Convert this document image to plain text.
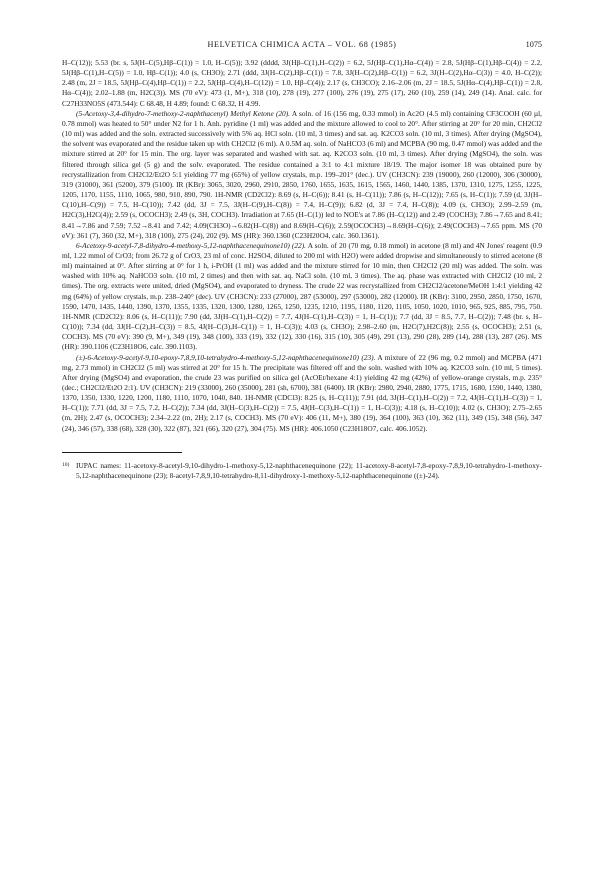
HELVETICA CHIMICA ACTA – VOL. 68 (1985)	1075

H–C(12)); 5.53 (br. s, 5J(H–C(5),Hβ–C(1)) = 1.0, H–C(5)); 3.92 (dddd, 3J(Hβ–C(1),H–C(2)) = 6.2, 5J(Hβ–C(1),Hα–C(4)) = 2.8, 5J(Hβ–C(1),Hβ–C(4)) = 2.2, 5J(Hβ–C(1),H–C(5)) = 1.0, Hβ–C(1)); 4.0 (s, CH3O); 2.71 (ddd, 3J(H–C(2),Hβ–C(1)) = 7.8, 3J(H–C(2),Hβ–C(1)) = 6.2, 3J(H–C(2),Hα–C(3)) = 4.0, H–C(2)); 2.48 (m, 2J = 18.5, 5J(Hβ–C(4),Hβ–C(1)) = 2.2, 5J(Hβ–C(4),H–C(12)) = 1.0, Hβ–C(4)); 2.17 (s, CH3CO); 2.16–2.06 (m, 2J = 18.5, 5J(Hα–C(4),Hβ–C(1)) = 2.8, Hα–C(4)); 2.02–1.88 (m, H2C(3)). MS (70 eV): 473 (1, M+), 318 (10), 278 (19), 277 (100), 276 (19), 275 (17), 260 (10), 259 (14), 249 (14). Anal. calc. for C27H33NO5S (473.544): C 68.48, H 4.89; found: C 68.32, H 4.99.

(5-Acetoxy-3,4-dihydro-7-methoxy-2-naphthacenyl) Methyl Ketone (20). A soln. of 16 (156 mg, 0.33 mmol) in Ac2O (4.5 ml) containing CF3COOH (60 µl, 0.78 mmol) was heated to 50° under N2 for 1 h. Anh. pyridine (1 ml) was added and the mixture allowed to cool to 20°. After stirring at 20° for 20 min, CH2Cl2 (10 ml) was added and the soln. extracted successively with 5% aq. HCl soln. (10 ml, 3 times) and sat. aq. K2CO3 soln. (10 ml, 3 times). After drying (MgSO4), the solvent was evaporated and the residue taken up with CH2Cl2 (6 ml). A 0.5M aq. soln. of NaHCO3 (6 ml) and MCPBA (90 mg, 0.47 mmol) was added and the mixture stirred at 20° for 15 min. The org. layer was separated and washed with sat. aq. K2CO3 soln. (10 ml, 3 times). After drying (MgSO4), the soln. was filtered through silica gel (5 g) and the solv. evaporated. The residue contained a 3:1 to 4:1 mixture 18/19. The major isomer 18 was obtained pure by recrystallization from CH2Cl2/Et2O 5:1 yielding 77 mg (65%) of yellow crystals, m.p. 199–201° (dec.). UV (CH3CN): 239 (19000), 260 (12000), 306 (30000), 319 (31000), 361 (5200), 379 (5100). IR (KBr): 3065, 3020, 2960, 2910, 2850, 1760, 1655, 1635, 1615, 1565, 1460, 1440, 1385, 1370, 1310, 1275, 1255, 1225, 1205, 1170, 1155, 1110, 1065, 980, 910, 890, 790. 1H-NMR (CD2Cl2): 8.69 (s, H–C(6)); 8.41 (s, H–C(11)); 7.86 (s, H–C(12)); 7.65 (s, H–C(1)); 7.59 (d, 3J(H–C(10),H–C(9)) = 7.5, H–C(10)); 7.42 (dd, 3J = 7.5, 3J(H–C(9),H–C(8)) = 7.4, H–C(9)); 6.82 (d, 3J = 7.4, H–C(8)); 4.09 (s, CH3O); 2.99–2.59 (m, H2C(3),H2C(4)); 2.59 (s, OCOCH3); 2.49 (s, 3H, COCH3). Irradiation at 7.65 (H–C(1)) led to NOE's at 7.86 (H–C(12)) and 2.49 (COCH3); 7.86→7.65 and 8.41; 8.41→7.86 and 7.59; 7.52→8.41 and 7.42; 4.09(CH3O)→6.82(H–C(8)) and 8.69(H–C(6)); 2.59(OCOCH3)→8.69(H–C(6)); 2.49(COCH3)→7.65 ppm. MS (70 eV): 361 (7), 360 (32, M+), 318 (100), 275 (24), 202 (9). MS (HR): 360.1360 (C23H20O4, calc. 360.1361).

6-Acetoxy-9-acetyl-7,8-dihydro-4-methoxy-5,12-naphthacenequinone10) (22). A soln. of 20 (70 mg, 0.18 mmol) in acetone (8 ml) and 4N Jones' reagent (0.9 ml, 1.22 mmol of CrO3; from 26.72 g of CrO3, 23 ml of conc. H2SO4, diluted to 200 ml with H2O) were added dropwise and simultaneously to stirred acetone (8 ml) maintained at 0°. After stirring at 0° for 1 h, i-PrOH (1 ml) was added and the mixture stirred for 10 min, then CH2Cl2 (20 ml) was added. The soln. was washed with 10% aq. NaHCO3 soln. (10 ml, 2 times) and then with sat. aq. NaCl soln. (10 ml, 3 times). The aq. phase was extracted with CH2Cl2 (10 ml, 2 times). The org. extracts were united, dried (MgSO4), and evaporated to dryness. The crude 22 was recrystallized from CH2Cl2/acetone/MeOH 1:4:1 yielding 42 mg (64%) of yellow crystals, m.p. 238–240° (dec). UV (CH3CN): 233 (27000), 287 (53000), 297 (53000), 282 (12000). IR (KBr): 3100, 2950, 2850, 1750, 1670, 1590, 1470, 1435, 1440, 1390, 1370, 1355, 1335, 1320, 1300, 1280, 1265, 1250, 1235, 1210, 1195, 1180, 1120, 1105, 1050, 1020, 1010, 965, 925, 885, 795, 750. 1H-NMR (CD2Cl2): 8.06 (s, H–C(11)); 7.90 (dd, 3J(H–C(1),H–C(2)) = 7.7, 4J(H–C(1),H–C(3)) = 1, H–C(1)); 7.7 (dd, 3J = 8.5, 7.7, H–C(2)); 7.48 (br. s, H–C(10)); 7.34 (dd, 3J(H–C(2),H–C(3)) = 8.5, 4J(H–C(3),H–C(1)) = 1, H–C(3)); 4.03 (s, CH3O); 2.98–2.60 (m, H2C(7),H2C(8)); 2.55 (s, OCOCH3); 2.51 (s, COCH3). MS (70 eV): 390 (9, M+), 349 (19), 348 (100), 333 (19), 332 (12), 330 (16), 315 (10), 305 (49), 291 (13), 290 (28), 289 (14), 288 (13), 287 (26). MS (HR): 390.1106 (C23H18O6, calc. 390.1103).

(±)-6-Acetoxy-9-acetyl-9,10-epoxy-7,8,9,10-tetrahydro-4-methoxy-5,12-naphthacenequinone10) (23). A mixture of 22 (96 mg, 0.2 mmol) and MCPBA (471 mg, 2.73 mmol) in CH2Cl2 (5 ml) was stirred at 20° for 15 h. The precipitate was filtered off and the soln. washed with 10% aq. K2CO3 soln. (10 ml, 5 times). After drying (MgSO4) and evaporation, the crude 23 was purified on silica gel (AcOEt/hexane 4:1) yielding 42 mg (42%) of yellow-orange crystals, m.p. 235° (dec.; CH2Cl2/Et2O 2:1). UV (CH3CN): 219 (33000), 260 (35000), 281 (sh, 6700), 381 (6400). IR (KBr): 2980, 2940, 2880, 1775, 1715, 1680, 1590, 1440, 1380, 1370, 1350, 1330, 1220, 1200, 1180, 1110, 1070, 1040, 840. 1H-NMR (CDCl3): 8.25 (s, H–C(11)); 7.91 (dd, 3J(H–C(1),H–C(2)) = 7.2, 4J(H–C(1),H–C(3)) = 1, H–C(1)); 7.71 (dd, 3J = 7.5, 7.2, H–C(2)); 7.34 (dd, 3J(H–C(3),H–C(2)) = 7.5, 4J(H–C(3),H–C(1)) = 1, H–C(3)); 4.18 (s, H–C(10)); 4.02 (s, CH3O); 2.75–2.65 (m, 2H); 2.47 (s, OCOCH3); 2.34–2.22 (m, 2H); 2.17 (s, COCH3). MS (70 eV): 406 (11, M+), 380 (19), 364 (100), 363 (10), 362 (11), 349 (15), 348 (56), 347 (24), 346 (57), 338 (68), 328 (30), 322 (87), 321 (66), 320 (27), 304 (75). MS (HR): 406.1050 (C23H18O7, calc. 406.1052).

10) IUPAC names: 11-acetoxy-8-acetyl-9,10-dihydro-1-methoxy-5,12-naphthacenequinone (22); 11-acetoxy-8-acetyl-7,8-epoxy-7,8,9,10-tetrahydro-1-methoxy-5,12-naphthacenequinone (23); 8-acetyl-7,8,9,10-tetrahydro-8,11-dihydroxy-1-methoxy-5,12-naphthacenequinone ((±)-24).
